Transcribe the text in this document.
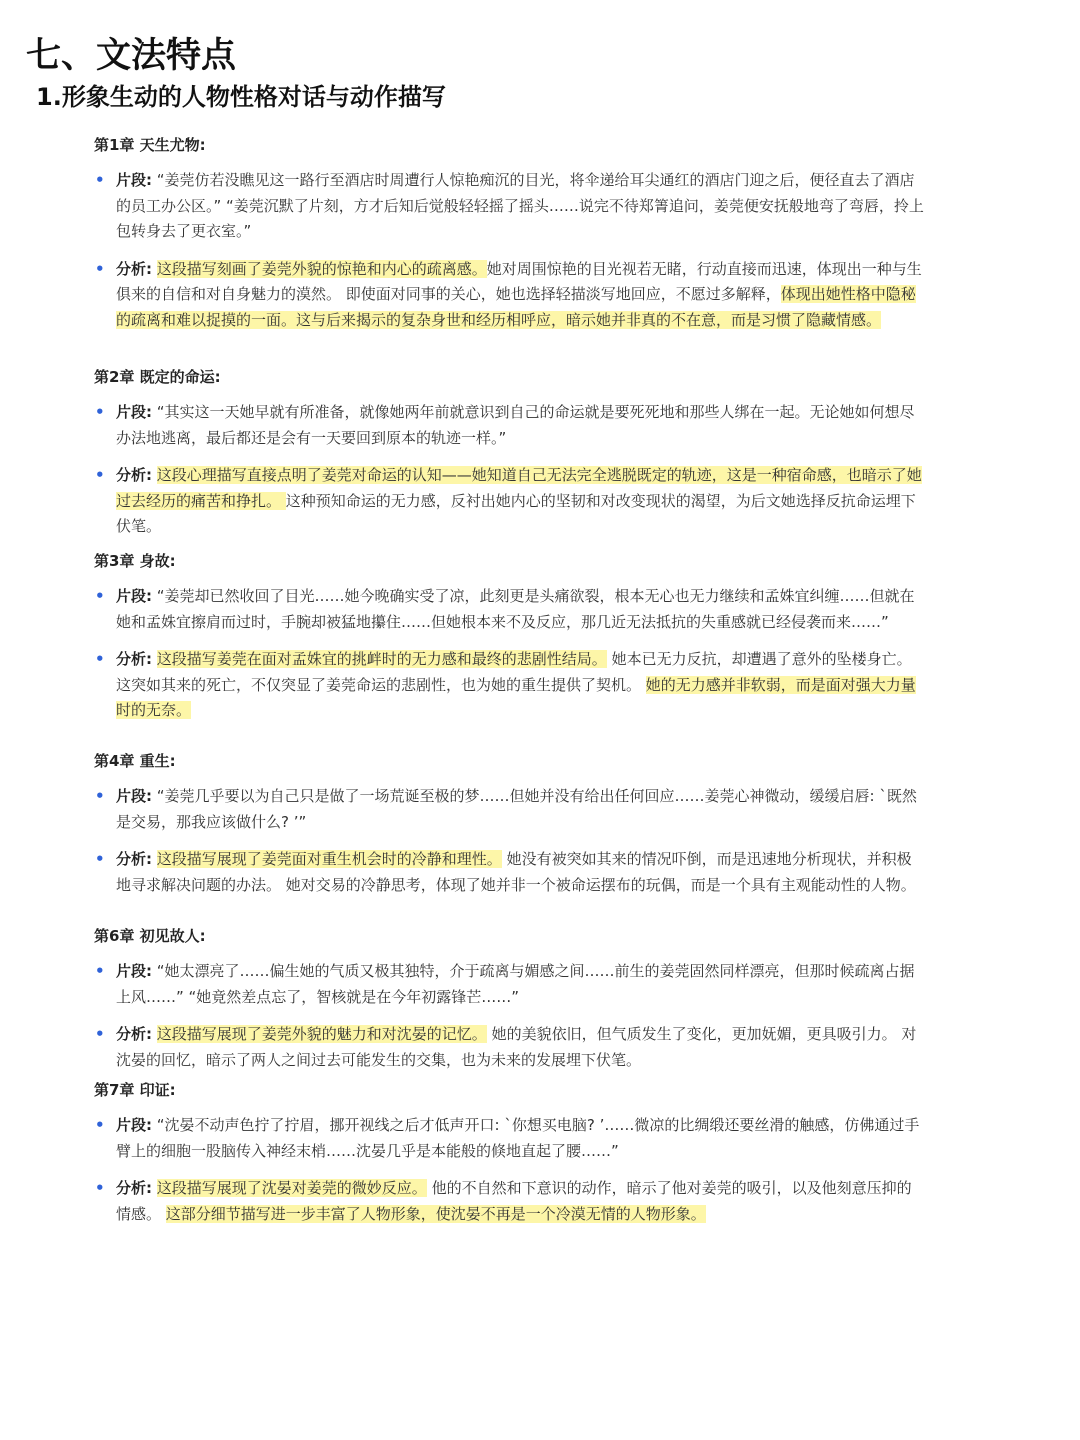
七、文法特点
1.形象生动的人物性格对话与动作描写
第1章 天生尤物:
• 片段: “姜莞仿若没瞧见这一路行至酒店时周遭行人惊艳痴沉的目光，将伞递给耳尖通红的酒店门迎之后，便径直去了酒店的员工办公区。” “姜莞沉默了片刻，方才后知后觉般轻轻摇了摇头……说完不待郑箐追问，姜莞便安抚般地弯了弯唇，拎上包转身去了更衣室。”
• 分析: 这段描写刻画了姜莞外貌的惊艳和内心的疏离感。她对周围惊艳的目光视若无睹，行动直接而迅速，体现出一种与生俱来的自信和对自身魅力的漠然。 即使面对同事的关心，她也选择轻描淡写地回应，不愿过多解释，体现出她性格中隐秘的疏离和难以捉摸的一面。这与后来揭示的复杂身世和经历相呼应，暗示她并非真的不在意，而是习惯了隐藏情感。
第2章 既定的命运:
• 片段: “其实这一天她早就有所准备，就像她两年前就意识到自己的命运就是要死死地和那些人绑在一起。无论她如何想尽办法地逃离，最后都还是会有一天要回到原本的轨迹一样。”
• 分析: 这段心理描写直接点明了姜莞对命运的认知——她知道自己无法完全逃脱既定的轨迹，这是一种宿命感，也暗示了她过去经历的痛苦和挣扎。 这种预知命运的无力感，反衬出她内心的坚韧和对改变现状的渴望，为后文她选择反抗命运埋下伏笔。
第3章 身故:
• 片段: “姜莞却已然收回了目光……她今晚确实受了凉，此刻更是头痛欲裂，根本无心也无力继续和孟姝宜纠缠……但就在她和孟姝宜擦肩而过时，手腕却被猛地攥住……但她根本来不及反应，那几近无法抵抗的失重感就已经侵袭而来……”
• 分析: 这段描写姜莞在面对孟姝宜的挑衅时的无力感和最终的悲剧性结局。 她本已无力反抗，却遭遇了意外的坠楼身亡。 这突如其来的死亡，不仅突显了姜莞命运的悲剧性，也为她的重生提供了契机。 她的无力感并非软弱，而是面对强大力量时的无奈。
第4章 重生:
• 片段: “姜莞几乎要以为自己只是做了一场荒诞至极的梦……但她并没有给出任何回应……姜莞心神微动，缓缓启唇: `既然是交易，那我应该做什么? ’”
• 分析: 这段描写展现了姜莞面对重生机会时的冷静和理性。 她没有被突如其来的情况吓倒，而是迅速地分析现状，并积极地寻求解决问题的办法。 她对交易的冷静思考，体现了她并非一个被命运摆布的玩偶，而是一个具有主观能动性的人物。
第6章 初见故人:
• 片段: “她太漂亮了……偏生她的气质又极其独特，介于疏离与媚感之间……前生的姜莞固然同样漂亮，但那时候疏离占据上风……” “她竟然差点忘了，智核就是在今年初露锋芒……”
• 分析: 这段描写展现了姜莞外貌的魅力和对沈晏的记忆。 她的美貌依旧，但气质发生了变化，更加妩媚，更具吸引力。 对沈晏的回忆，暗示了两人之间过去可能发生的交集，也为未来的发展埋下伏笔。
第7章 印证:
• 片段: “沈晏不动声色拧了拧眉，挪开视线之后才低声开口: `你想买电脑? ’……微凉的比绸缎还要丝滑的触感，仿佛通过手臂上的细胞一股脑传入神经末梢……沈晏几乎是本能般的倏地直起了腰……”
• 分析: 这段描写展现了沈晏对姜莞的微妙反应。 他的不自然和下意识的动作，暗示了他对姜莞的吸引，以及他刻意压抑的情感。 这部分细节描写进一步丰富了人物形象，使沈晏不再是一个冷漠无情的人物形象。
